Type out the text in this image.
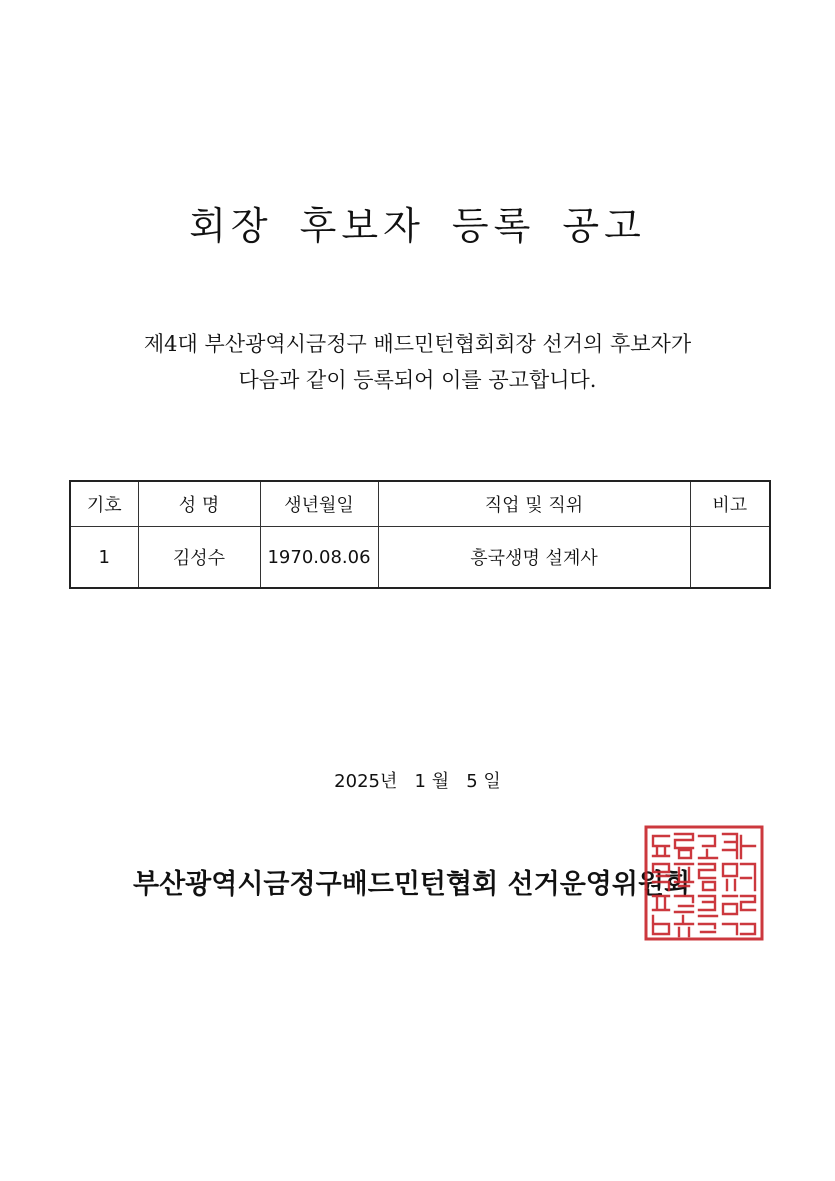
회장 후보자 등록 공고
제4대 부산광역시금정구 배드민턴협회회장 선거의 후보자가
다음과 같이 등록되어 이를 공고합니다.
기호	성 명	생년월일	직업 및 직위	비고
1	김성수	1970.08.06	흥국생명 설계사	
2025년   1 월   5 일
부산광역시금정구배드민턴협회 선거운영위원회
